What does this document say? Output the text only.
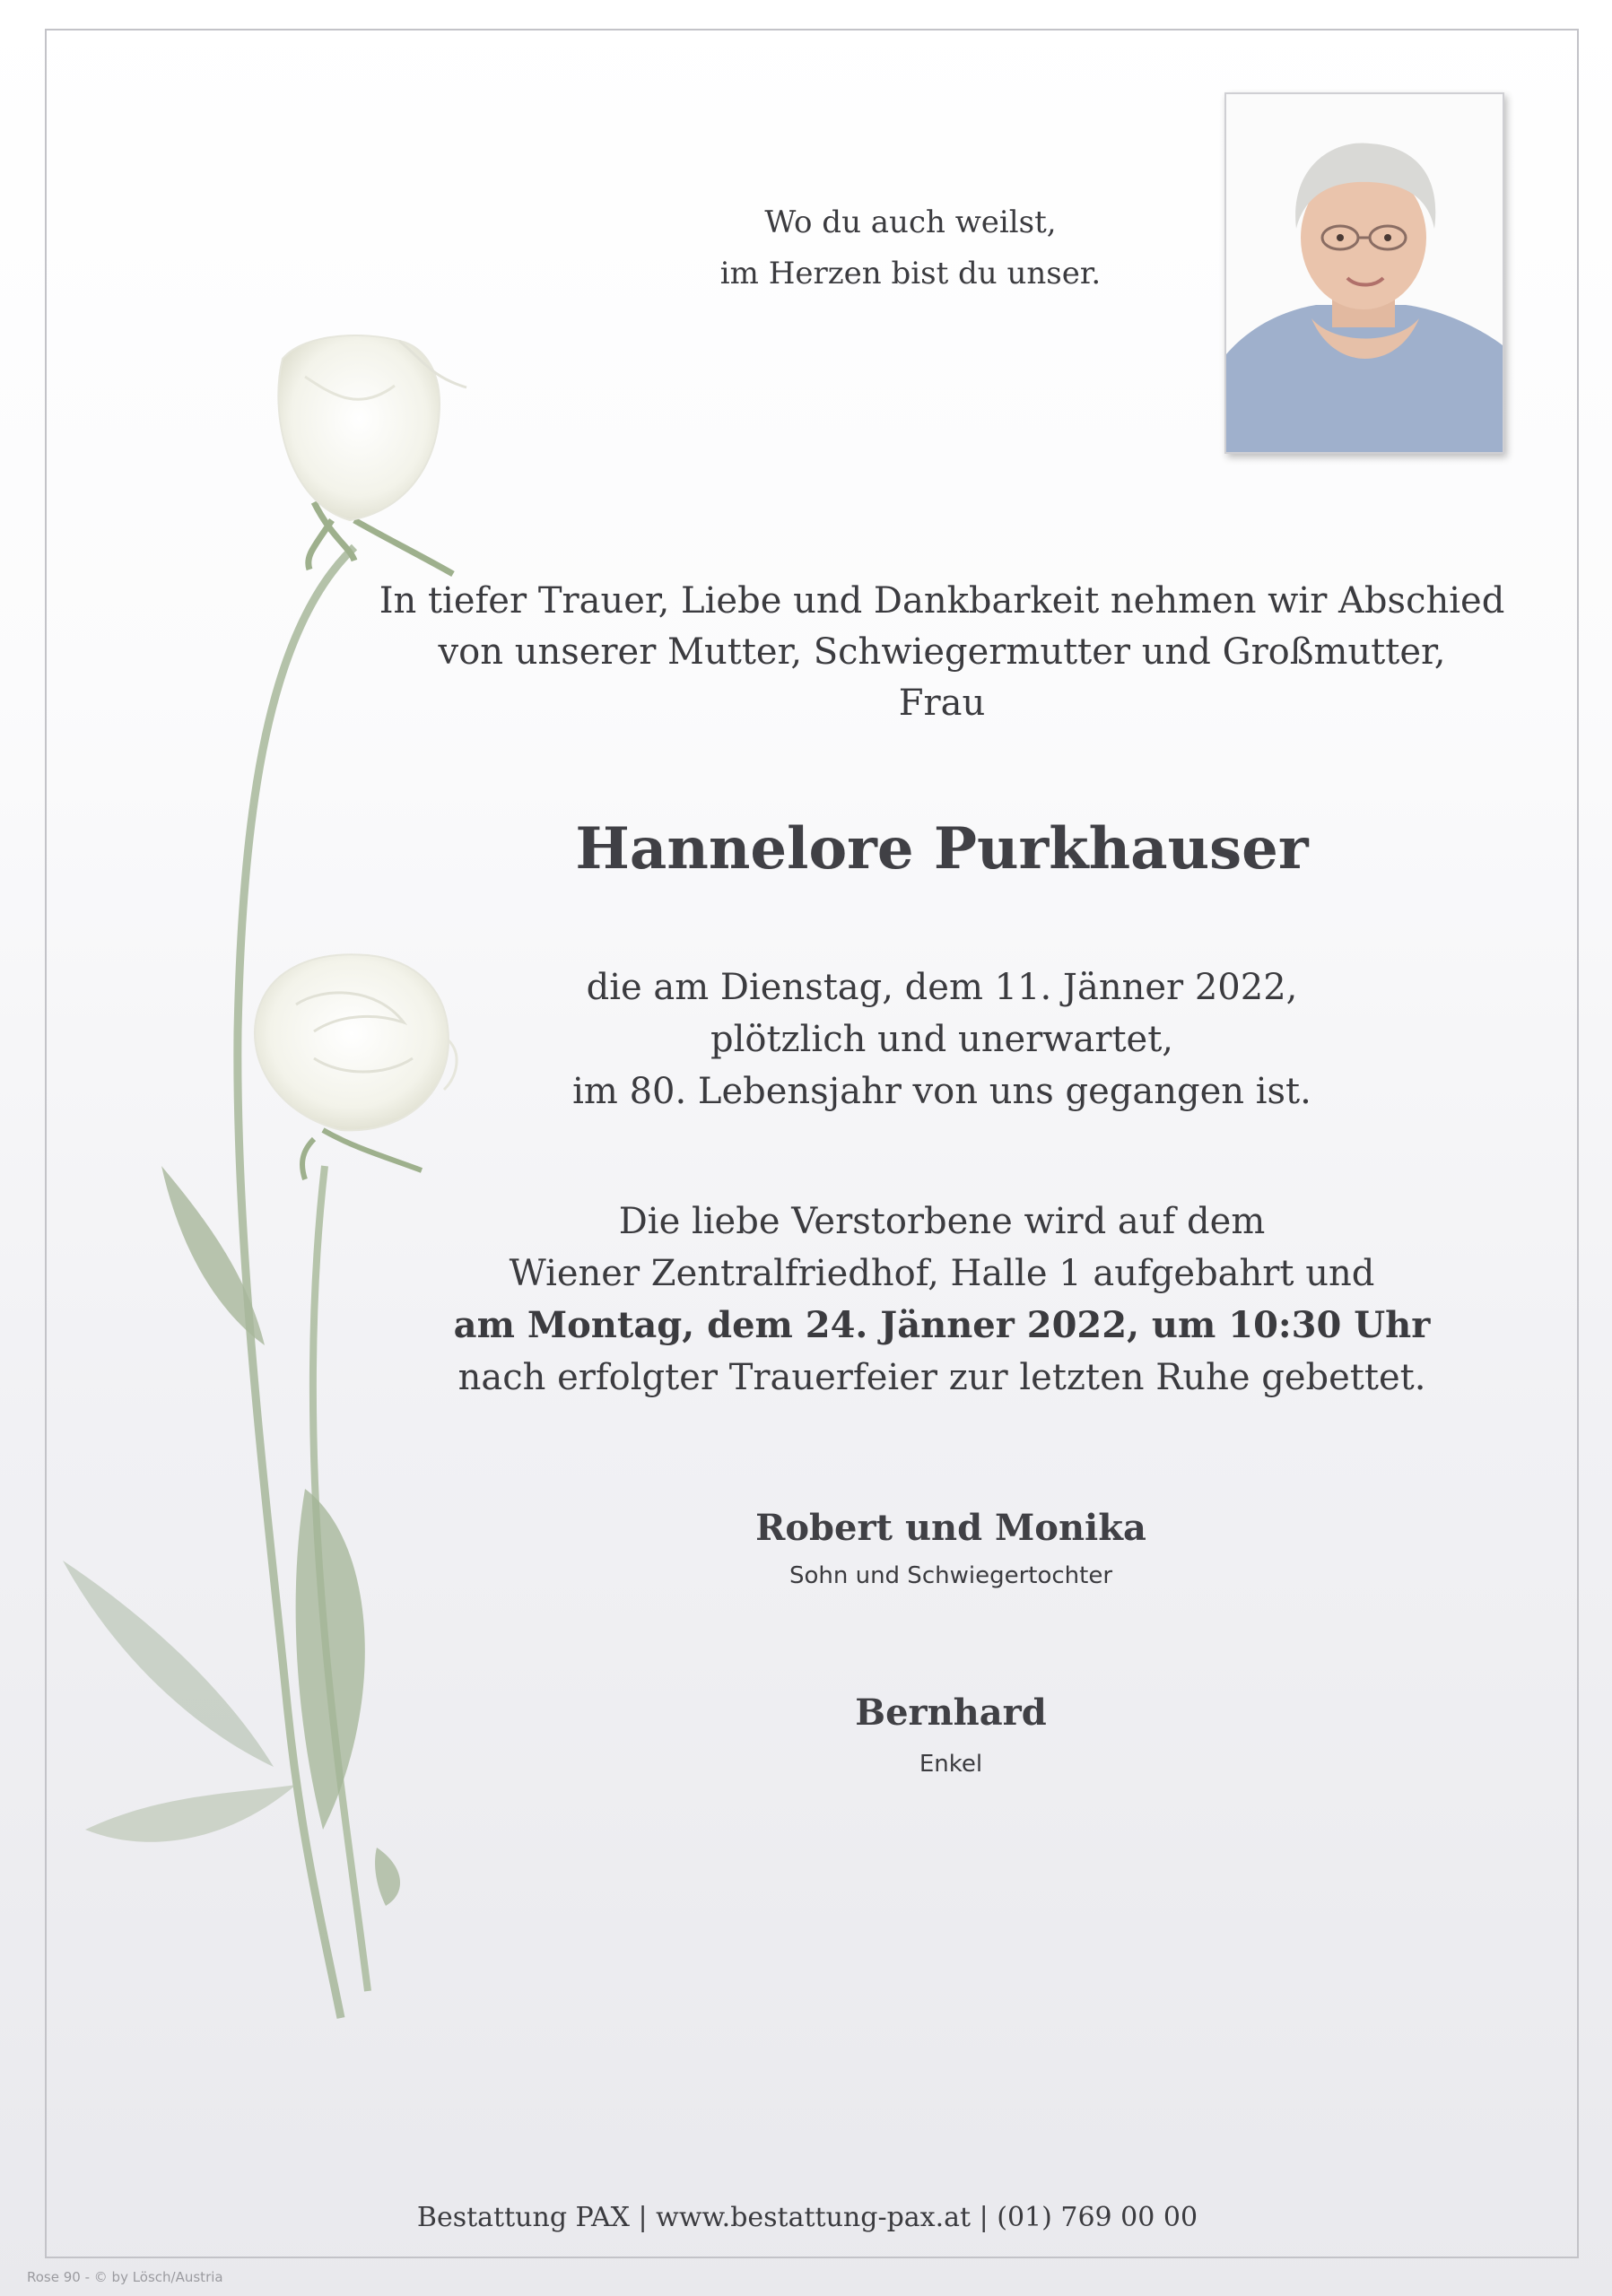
Wo du auch weilst,
im Herzen bist du unser.

In tiefer Trauer, Liebe und Dankbarkeit nehmen wir Abschied
von unserer Mutter, Schwiegermutter und Großmutter,
Frau

Hannelore Purkhauser

die am Dienstag, dem 11. Jänner 2022,
plötzlich und unerwartet,
im 80. Lebensjahr von uns gegangen ist.

Die liebe Verstorbene wird auf dem
Wiener Zentralfriedhof, Halle 1 aufgebahrt und
am Montag, dem 24. Jänner 2022, um 10:30 Uhr
nach erfolgter Trauerfeier zur letzten Ruhe gebettet.

Robert und Monika

Sohn und Schwiegertochter

Bernhard

Enkel

Bestattung PAX | www.bestattung-pax.at | (01) 769 00 00

Rose 90 - © by Lösch/Austria
